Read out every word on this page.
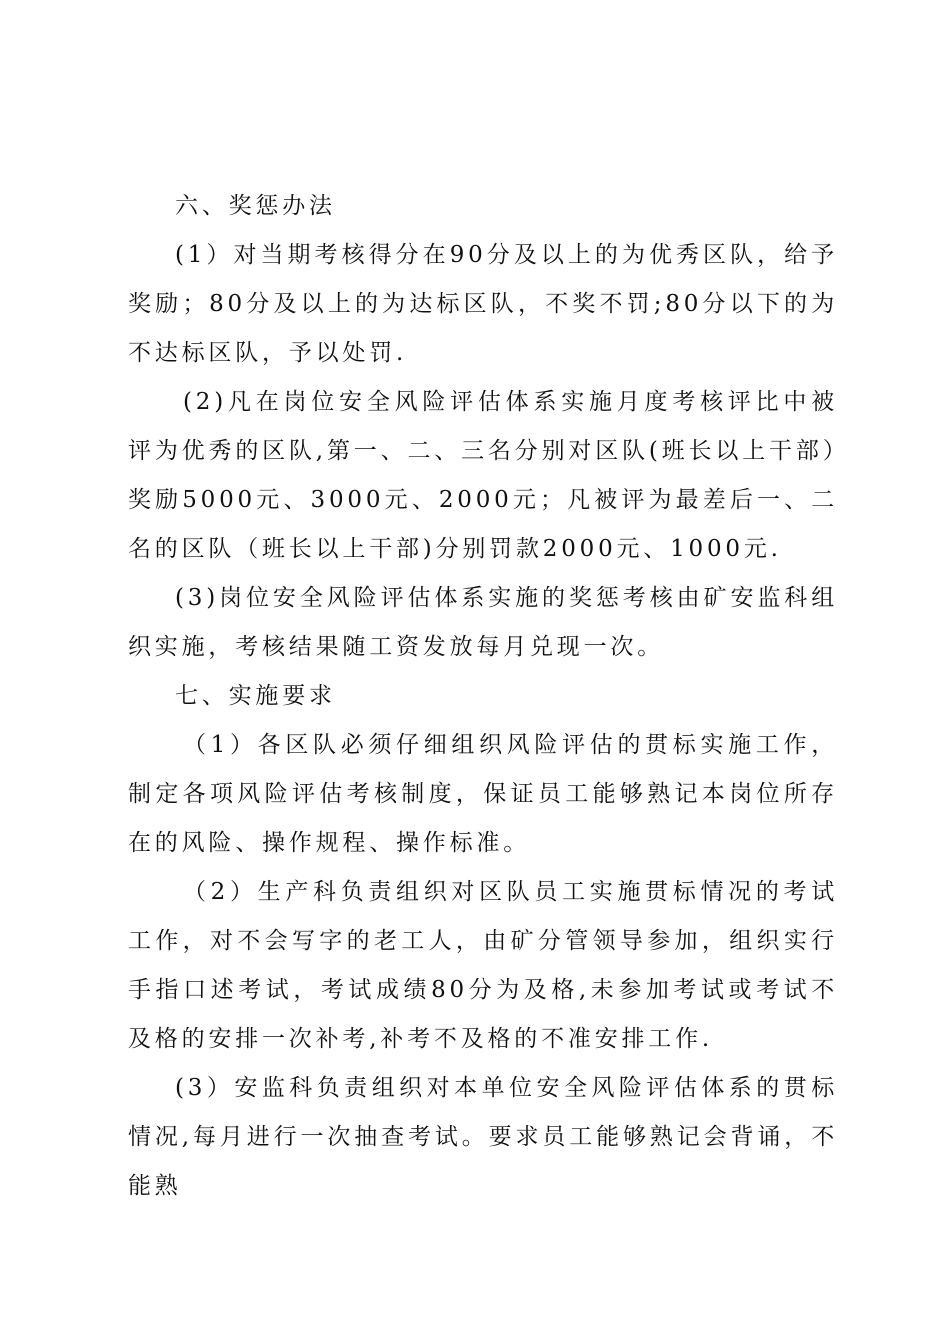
六、奖惩办法

(1）对当期考核得分在90分及以上的为优秀区队，给予奖励；80分及以上的为达标区队，不奖不罚;80分以下的为不达标区队，予以处罚.

(2)凡在岗位安全风险评估体系实施月度考核评比中被评为优秀的区队,第一、二、三名分别对区队(班长以上干部）奖励5000元、3000元、2000元；凡被评为最差后一、二名的区队（班长以上干部)分别罚款2000元、1000元.

(3)岗位安全风险评估体系实施的奖惩考核由矿安监科组织实施，考核结果随工资发放每月兑现一次。

七、实施要求

（1）各区队必须仔细组织风险评估的贯标实施工作，制定各项风险评估考核制度，保证员工能够熟记本岗位所存在的风险、操作规程、操作标准。

（2）生产科负责组织对区队员工实施贯标情况的考试工作，对不会写字的老工人，由矿分管领导参加，组织实行手指口述考试，考试成绩80分为及格,未参加考试或考试不及格的安排一次补考,补考不及格的不准安排工作.

(3）安监科负责组织对本单位安全风险评估体系的贯标情况,每月进行一次抽查考试。要求员工能够熟记会背诵，不能熟
